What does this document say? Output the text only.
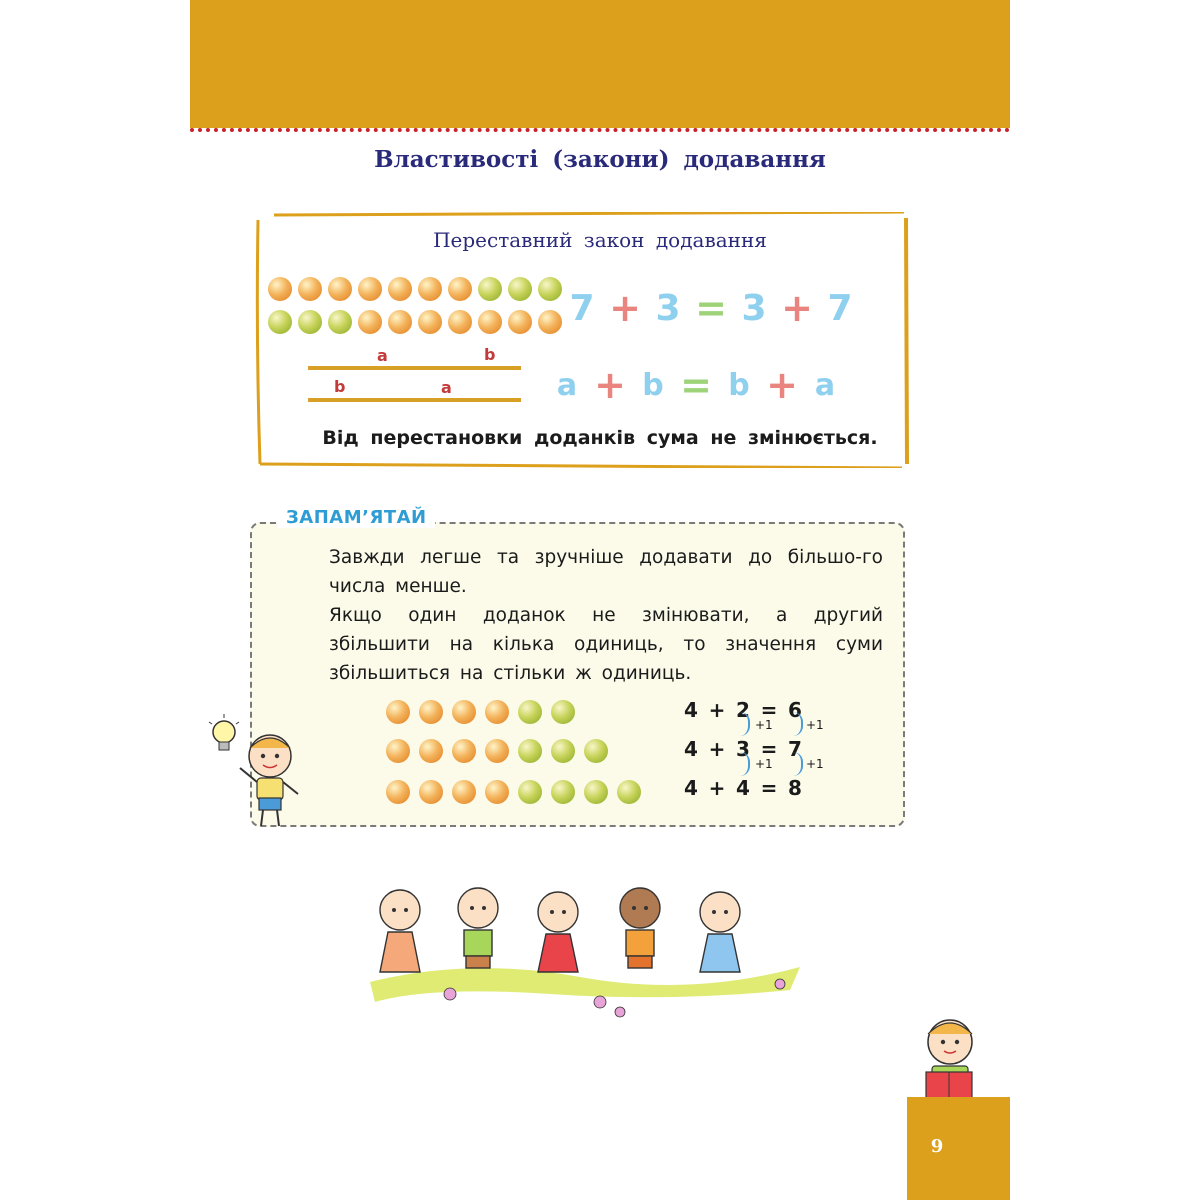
Властивості (закони) додавання
Переставний закон додавання
7 + 3 = 3 + 7
a	b
b	a	a + b = b + a
Від перестановки доданків сума не змінюється.
ЗАПАМ’ЯТАЙ

Завжди легше та зручніше додавати до більшо-го числа менше.

Якщо один доданок не змінювати, а другий збільшити на кілька одиниць, то значення суми збільшиться на стільки ж одиниць.

4 + 2 = 6
4 + 3 = 7
4 + 4 = 8
+1	+1
+1	+1
9
